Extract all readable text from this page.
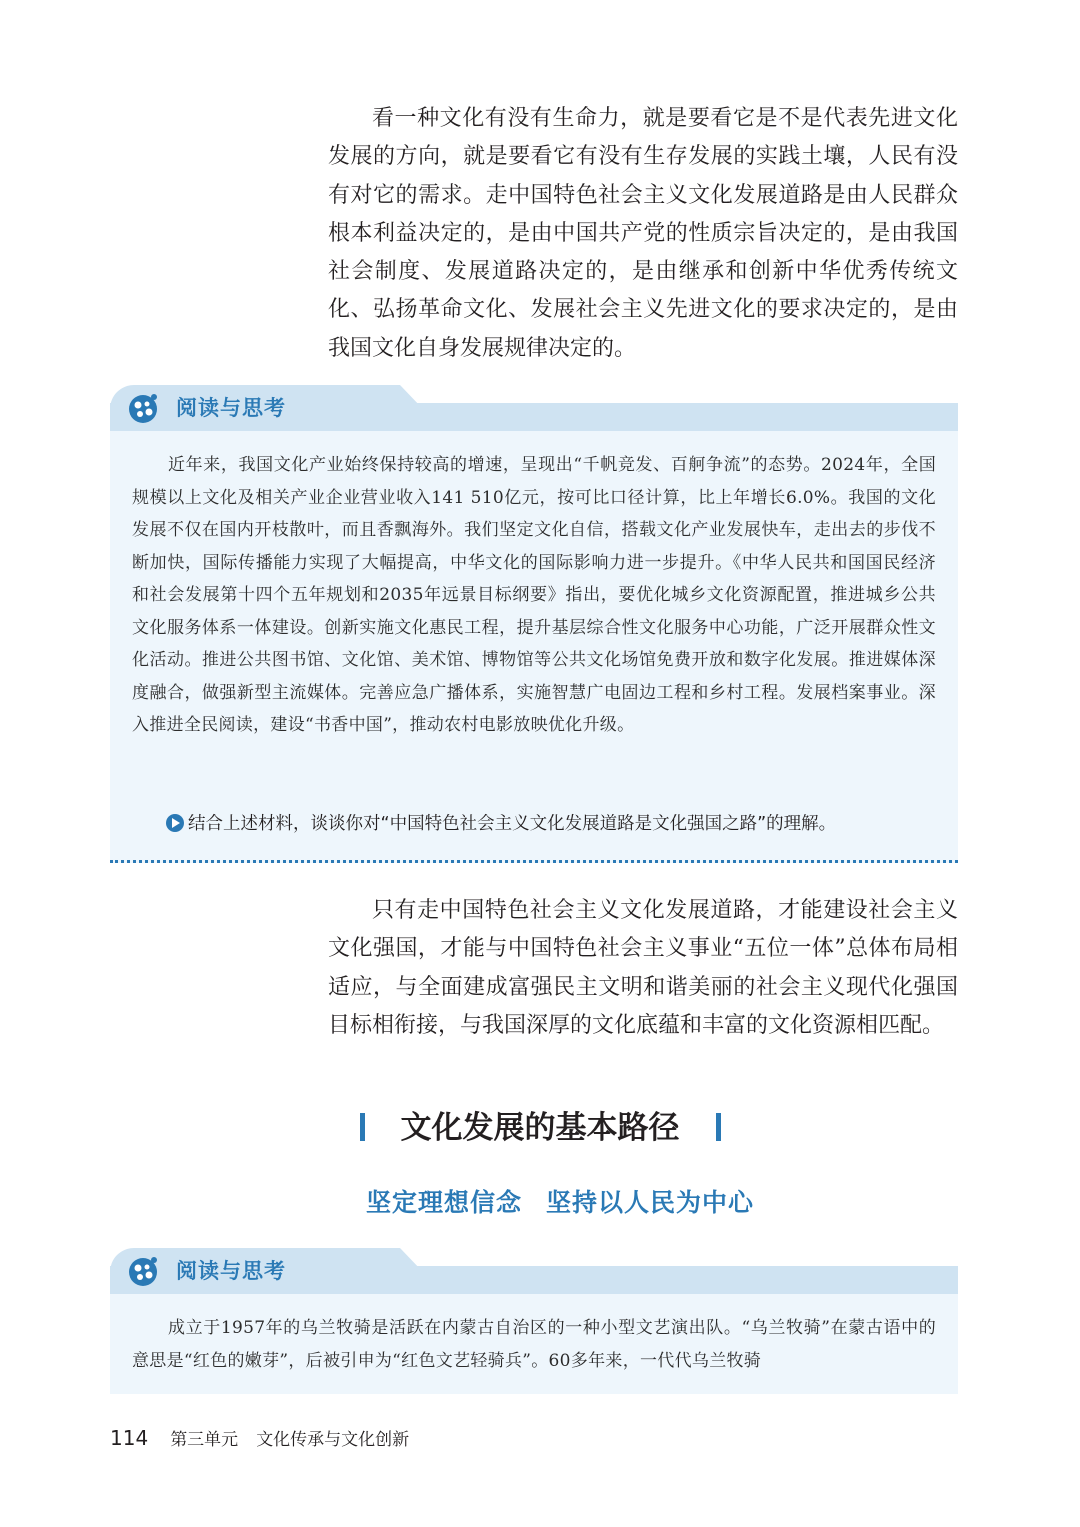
看一种文化有没有生命力，就是要看它是不是代表先进文化发展的方向，就是要看它有没有生存发展的实践土壤，人民有没有对它的需求。走中国特色社会主义文化发展道路是由人民群众根本利益决定的，是由中国共产党的性质宗旨决定的，是由我国社会制度、发展道路决定的，是由继承和创新中华优秀传统文化、弘扬革命文化、发展社会主义先进文化的要求决定的，是由我国文化自身发展规律决定的。

阅读与思考

近年来，我国文化产业始终保持较高的增速，呈现出“千帆竞发、百舸争流”的态势。2024年，全国规模以上文化及相关产业企业营业收入141 510亿元，按可比口径计算，比上年增长6.0%。我国的文化发展不仅在国内开枝散叶，而且香飘海外。我们坚定文化自信，搭载文化产业发展快车，走出去的步伐不断加快，国际传播能力实现了大幅提高，中华文化的国际影响力进一步提升。《中华人民共和国国民经济和社会发展第十四个五年规划和2035年远景目标纲要》指出，要优化城乡文化资源配置，推进城乡公共文化服务体系一体建设。创新实施文化惠民工程，提升基层综合性文化服务中心功能，广泛开展群众性文化活动。推进公共图书馆、文化馆、美术馆、博物馆等公共文化场馆免费开放和数字化发展。推进媒体深度融合，做强新型主流媒体。完善应急广播体系，实施智慧广电固边工程和乡村工程。发展档案事业。深入推进全民阅读，建设“书香中国”，推动农村电影放映优化升级。

结合上述材料，谈谈你对“中国特色社会主义文化发展道路是文化强国之路”的理解。

只有走中国特色社会主义文化发展道路，才能建设社会主义文化强国，才能与中国特色社会主义事业“五位一体”总体布局相适应，与全面建成富强民主文明和谐美丽的社会主义现代化强国目标相衔接，与我国深厚的文化底蕴和丰富的文化资源相匹配。

文化发展的基本路径
坚定理想信念 坚持以人民为中心
阅读与思考

成立于1957年的乌兰牧骑是活跃在内蒙古自治区的一种小型文艺演出队。“乌兰牧骑”在蒙古语中的意思是“红色的嫩芽”，后被引申为“红色文艺轻骑兵”。60多年来，一代代乌兰牧骑

114 第三单元 文化传承与文化创新
